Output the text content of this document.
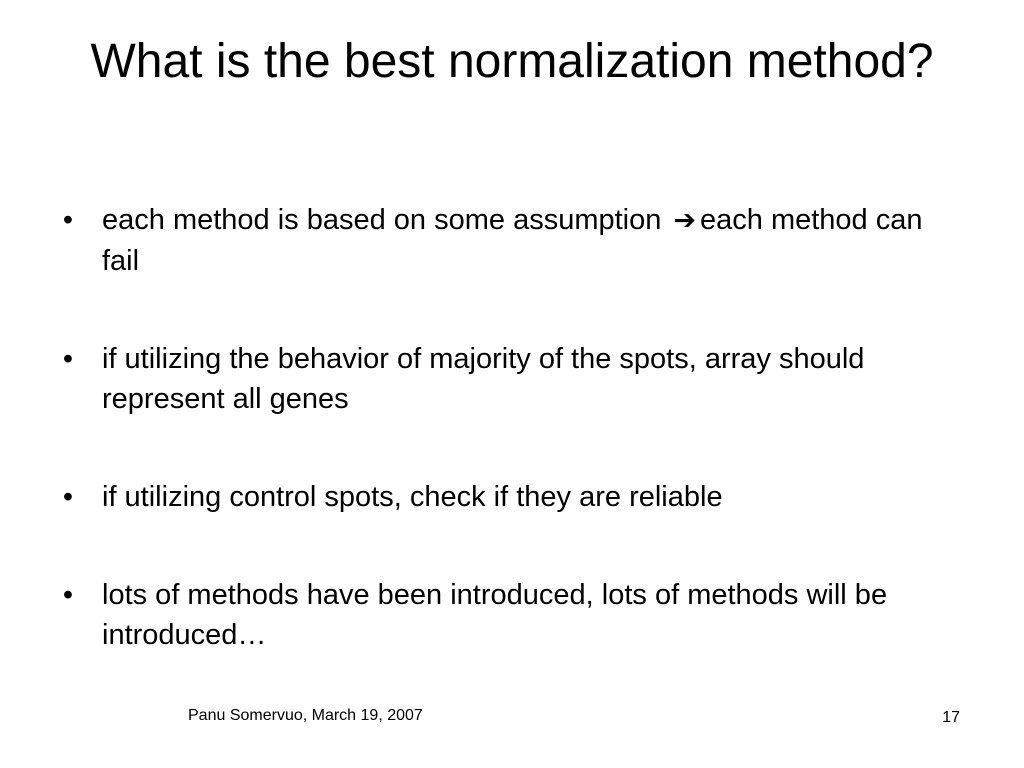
What is the best normalization method?
• each method is based on some assumption ➔ each method can fail
• if utilizing the behavior of majority of the spots, array should represent all genes
• if utilizing control spots, check if they are reliable
• lots of methods have been introduced, lots of methods will be introduced…
Panu Somervuo, March 19, 2007	17
